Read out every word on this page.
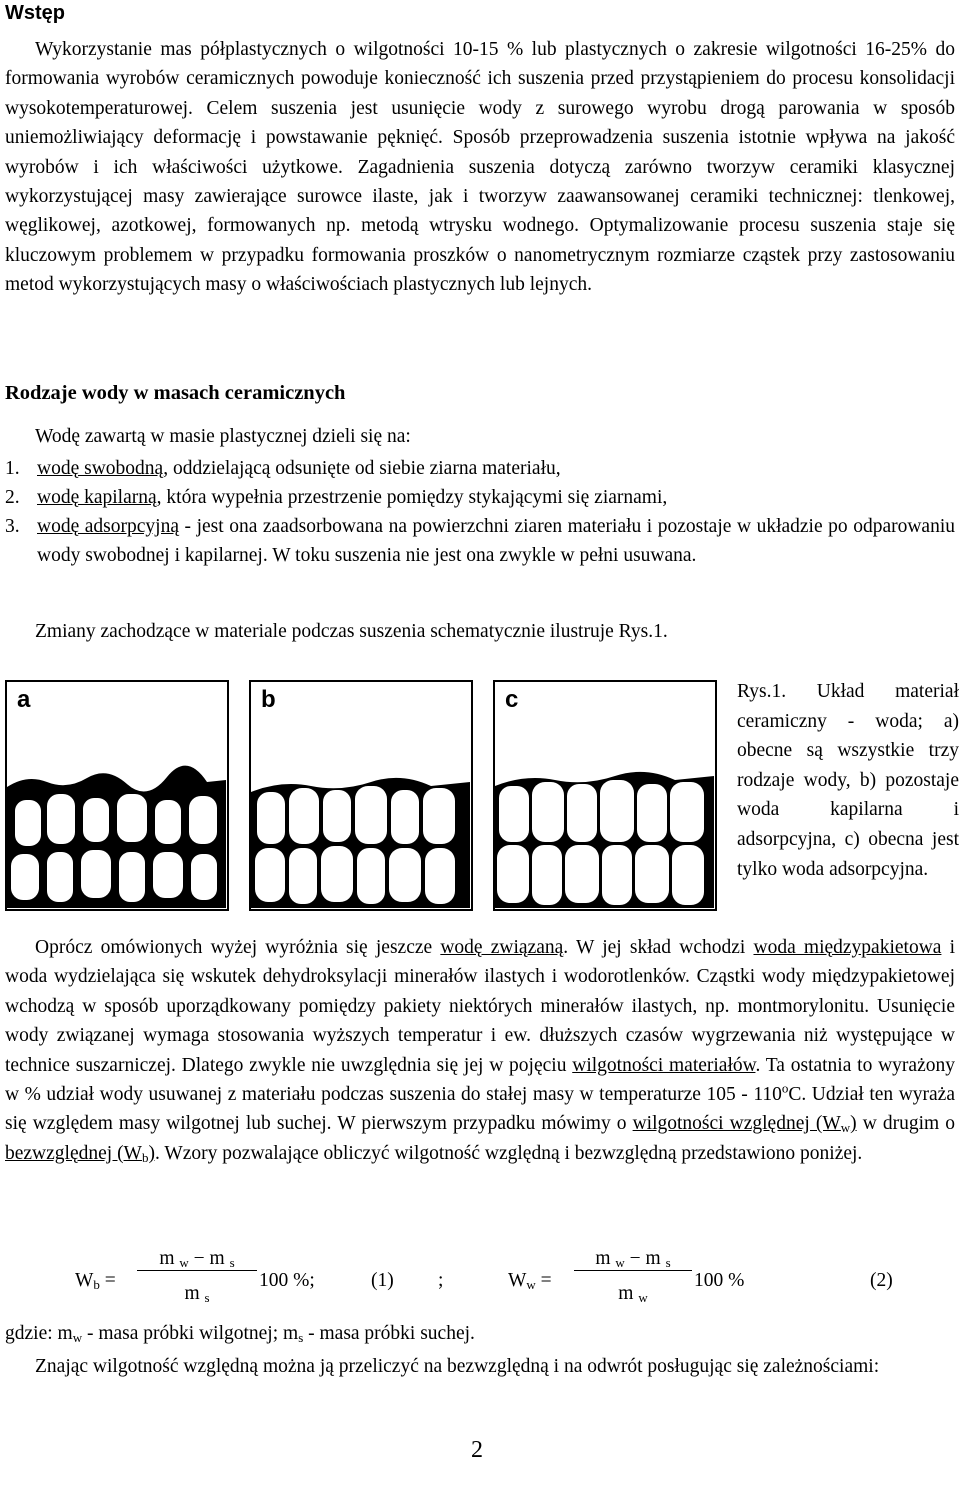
Wstęp

Wykorzystanie mas półplastycznych o wilgotności 10-15 % lub plastycznych o zakresie wilgotności 16-25% do formowania wyrobów ceramicznych powoduje konieczność ich suszenia przed przystąpieniem do procesu konsolidacji wysokotemperaturowej. Celem suszenia jest usunięcie wody z surowego wyrobu drogą parowania w sposób uniemożliwiający deformację i powstawanie pęknięć. Sposób przeprowadzenia suszenia istotnie wpływa na jakość wyrobów i ich właściwości użytkowe. Zagadnienia suszenia dotyczą zarówno tworzyw ceramiki klasycznej wykorzystującej masy zawierające surowce ilaste, jak i tworzyw zaawansowanej ceramiki technicznej: tlenkowej, węglikowej, azotkowej, formowanych np. metodą wtrysku wodnego. Optymalizowanie procesu suszenia staje się kluczowym problemem w przypadku formowania proszków o nanometrycznym rozmiarze cząstek przy zastosowaniu metod wykorzystujących masy o właściwościach plastycznych lub lejnych.

Rodzaje wody w masach ceramicznych
Wodę zawartą w masie plastycznej dzieli się na:
1. wodę swobodną, oddzielającą odsunięte od siebie ziarna materiału,
2. wodę kapilarną, która wypełnia przestrzenie pomiędzy stykającymi się ziarnami,
3. wodę adsorpcyjną - jest ona zaadsorbowana na powierzchni ziaren materiału i pozostaje w układzie po odparowaniu wody swobodnej i kapilarnej. W toku suszenia nie jest ona zwykle w pełni usuwana.
Zmiany zachodzące w materiale podczas suszenia schematycznie ilustruje Rys.1.
a	b	c	Rys.1. Układ materiał ceramiczny - woda; a) obecne są wszystkie trzy rodzaje wody, b) pozostaje woda kapilarna i adsorpcyjna, c) obecna jest tylko woda adsorpcyjna.

Oprócz omówionych wyżej wyróżnia się jeszcze wodę związaną. W jej skład wchodzi woda międzypakietowa i woda wydzielająca się wskutek dehydroksylacji minerałów ilastych i wodorotlenków. Cząstki wody międzypakietowej wchodzą w sposób uporządkowany pomiędzy pakiety niektórych minerałów ilastych, np. montmorylonitu. Usunięcie wody związanej wymaga stosowania wyższych temperatur i ew. dłuższych czasów wygrzewania niż występujące w technice suszarniczej. Dlatego zwykle nie uwzględnia się jej w pojęciu wilgotności materiałów. Ta ostatnia to wyrażony w % udział wody usuwanej z materiału podczas suszenia do stałej masy w temperaturze 105 - 110$^o$C. Udział ten wyraża się względem masy wilgotnej lub suchej. W pierwszym przypadku mówimy o wilgotności względnej $(W_w)$ w drugim o bezwzględnej $(W_b)$. Wzory pozwalające obliczyć wilgotność względną i bezwzględną przedstawiono poniżej.

$W_b = \frac{m _w - m _s}{m _s} 100$ %;	(1) ;	$W_w = \frac{m _w - m _s}{m _w} 100$ %	(2)
gdzie: $m_w$ - masa próbki wilgotnej; $m_s$ - masa próbki suchej.

Znając wilgotność względną można ją przeliczyć na bezwzględną i na odwrót posługując się zależnościami:

2
